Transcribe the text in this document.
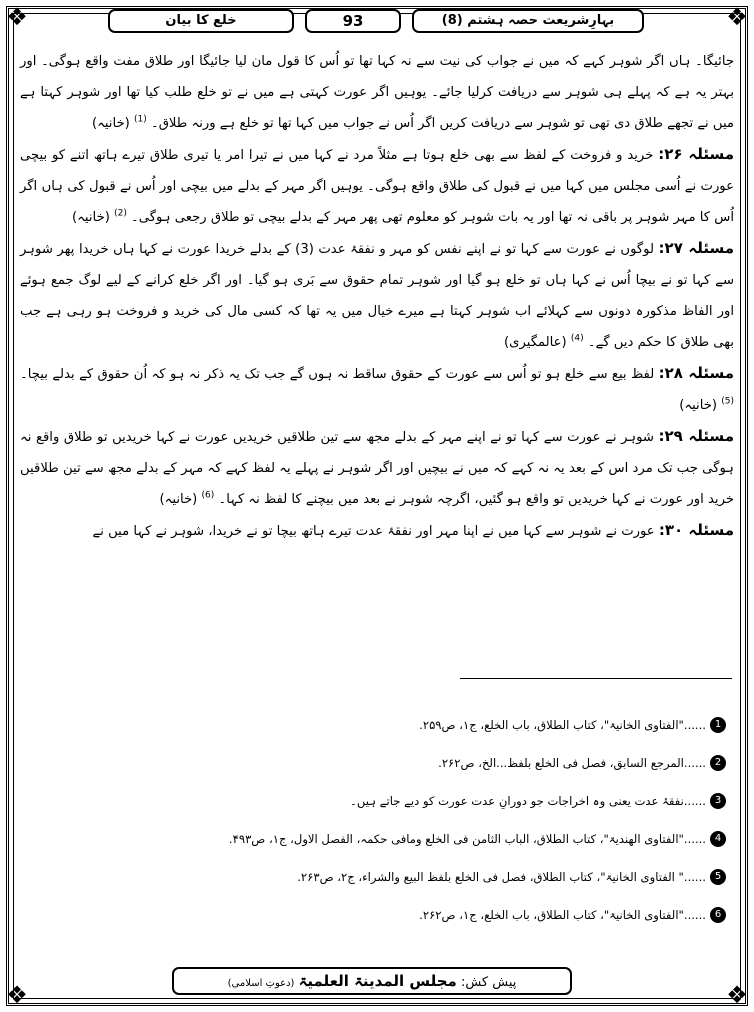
❖	❖
❖	❖
بہارِشریعت حصہ ہشتم (8)
93
خلع کا بیان

جائیگا۔ ہاں اگر شوہر کہے کہ میں نے جواب کی نیت سے نہ کہا تھا تو اُس کا قول مان لیا جائیگا اور طلاق مفت واقع ہوگی۔ اور بہتر یہ ہے کہ پہلے ہی شوہر سے دریافت کرلیا جائے۔ یوہیں اگر عورت کہتی ہے میں نے تو خلع طلب کیا تھا اور شوہر کہتا ہے میں نے تجھے طلاق دی تھی تو شوہر سے دریافت کریں اگر اُس نے جواب میں کہا تھا تو خلع ہے ورنہ طلاق۔ $^{(1)}$ (خانیہ)

مسئلہ ۲۶: خرید و فروخت کے لفظ سے بھی خلع ہوتا ہے مثلاً مرد نے کہا میں نے تیرا امر یا تیری طلاق تیرے ہاتھ اتنے کو بیچی عورت نے اُسی مجلس میں کہا میں نے قبول کی طلاق واقع ہوگی۔ یوہیں اگر مہر کے بدلے میں بیچی اور اُس نے قبول کی ہاں اگر اُس کا مہر شوہر پر باقی نہ تھا اور یہ بات شوہر کو معلوم تھی پھر مہر کے بدلے بیچی تو طلاق رجعی ہوگی۔ $^{(2)}$ (خانیہ)

مسئلہ ۲۷: لوگوں نے عورت سے کہا تو نے اپنے نفس کو مہر و نفقۂ عدت (3) کے بدلے خریدا عورت نے کہا ہاں خریدا پھر شوہر سے کہا تو نے بیچا اُس نے کہا ہاں تو خلع ہو گیا اور شوہر تمام حقوق سے بَری ہو گیا۔ اور اگر خلع کرانے کے لیے لوگ جمع ہوئے اور الفاظ مذکورہ دونوں سے کہلائے اب شوہر کہتا ہے میرے خیال میں یہ تھا کہ کسی مال کی خرید و فروخت ہو رہی ہے جب بھی طلاق کا حکم دیں گے۔ $^{(4)}$ (عالمگیری)

مسئلہ ۲۸: لفظ بیع سے خلع ہو تو اُس سے عورت کے حقوق ساقط نہ ہوں گے جب تک یہ ذکر نہ ہو کہ اُن حقوق کے بدلے بیچا۔ $^{(5)}$ (خانیہ)

مسئلہ ۲۹: شوہر نے عورت سے کہا تو نے اپنے مہر کے بدلے مجھ سے تین طلاقیں خریدیں عورت نے کہا خریدیں تو طلاق واقع نہ ہوگی جب تک مرد اس کے بعد یہ نہ کہے کہ میں نے بیچیں اور اگر شوہر نے پہلے یہ لفظ کہے کہ مہر کے بدلے مجھ سے تین طلاقیں خرید اور عورت نے کہا خریدیں تو واقع ہو گئیں، اگرچہ شوہر نے بعد میں بیچنے کا لفظ نہ کہا۔ $^{(6)}$ (خانیہ)

مسئلہ ۳۰: عورت نے شوہر سے کہا میں نے اپنا مہر اور نفقۂ عدت تیرے ہاتھ بیچا تو نے خریدا، شوہر نے کہا میں نے

1
......"الفتاوی الخانیۃ"، کتاب الطلاق، باب الخلع، ج۱، ص۲۵۹.
2
......المرجع السابق، فصل فی الخلع بلفظ...الخ، ص۲۶۲.
3
......نفقۂ عدت یعنی وہ اخراجات جو دورانِ عدت عورت کو دیے جاتے ہیں۔
4
......"الفتاوی الھندیۃ"، کتاب الطلاق، الباب الثامن فی الخلع ومافی حکمہ، الفصل الاول، ج۱، ص۴۹۳.
5
......" الفتاوی الخانیۃ"، کتاب الطلاق، فصل فی الخلع بلفظ البیع والشراء، ج۲، ص۲۶۳.
6
......"الفتاوی الخانیۃ"، کتاب الطلاق، باب الخلع، ج۱، ص۲۶۲.
پیش کش: مجلس المدینۃ العلمیۃ (دعوتِ اسلامی)
